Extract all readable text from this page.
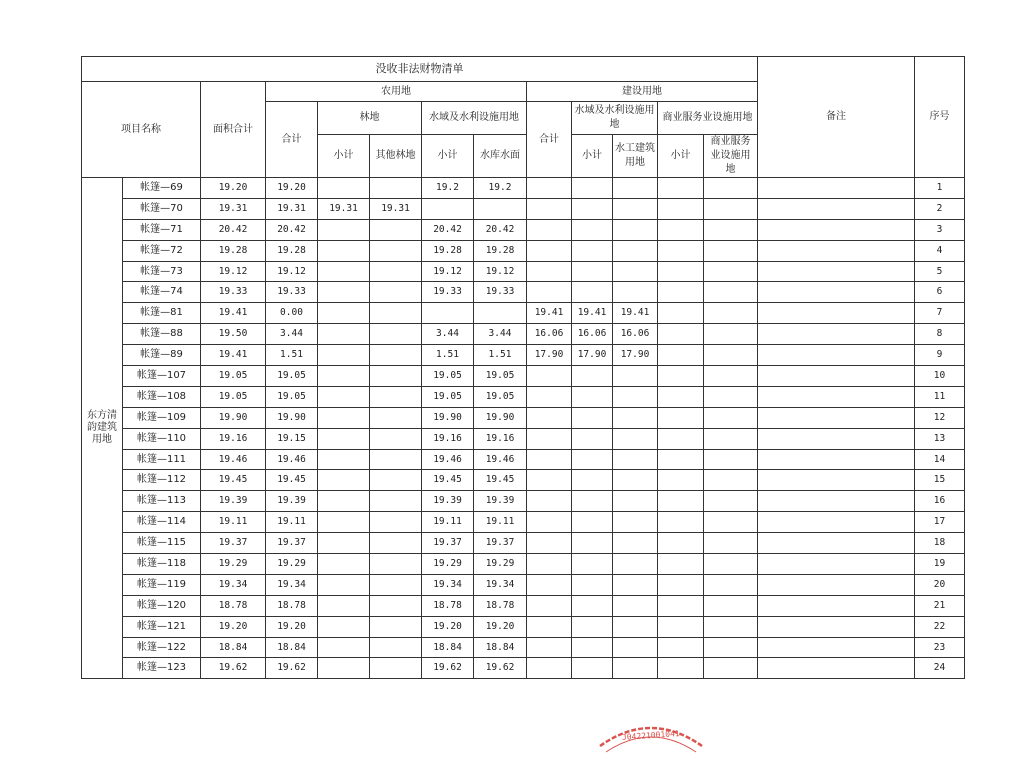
没收非法财物清单													备注	序号
项目名称		面积合计	农用地					建设用地						
			合计	林地		水域及水利设施用地		合计	水域及水利设施用地		商业服务业设施用地			
				小计	其他林地	小计	水库水面		小计	水工建筑用地	小计	商业服务业设施用地		
东方清韵建筑用地	帐篷—69	19.20	19.20			19.2	19.2							1
	帐篷—70	19.31	19.31	19.31	19.31									2
	帐篷—71	20.42	20.42			20.42	20.42							3
	帐篷—72	19.28	19.28			19.28	19.28							4
	帐篷—73	19.12	19.12			19.12	19.12							5
	帐篷—74	19.33	19.33			19.33	19.33							6
	帐篷—81	19.41	0.00					19.41	19.41	19.41				7
	帐篷—88	19.50	3.44			3.44	3.44	16.06	16.06	16.06				8
	帐篷—89	19.41	1.51			1.51	1.51	17.90	17.90	17.90				9
	帐篷—107	19.05	19.05			19.05	19.05							10
	帐篷—108	19.05	19.05			19.05	19.05							11
	帐篷—109	19.90	19.90			19.90	19.90							12
	帐篷—110	19.16	19.15			19.16	19.16							13
	帐篷—111	19.46	19.46			19.46	19.46							14
	帐篷—112	19.45	19.45			19.45	19.45							15
	帐篷—113	19.39	19.39			19.39	19.39							16
	帐篷—114	19.11	19.11			19.11	19.11							17
	帐篷—115	19.37	19.37			19.37	19.37							18
	帐篷—118	19.29	19.29			19.29	19.29							19
	帐篷—119	19.34	19.34			19.34	19.34							20
	帐篷—120	18.78	18.78			18.78	18.78							21
	帐篷—121	19.20	19.20			19.20	19.20							22
	帐篷—122	18.84	18.84			18.84	18.84							23
	帐篷—123	19.62	19.62			19.62	19.62							24
J04221001041
